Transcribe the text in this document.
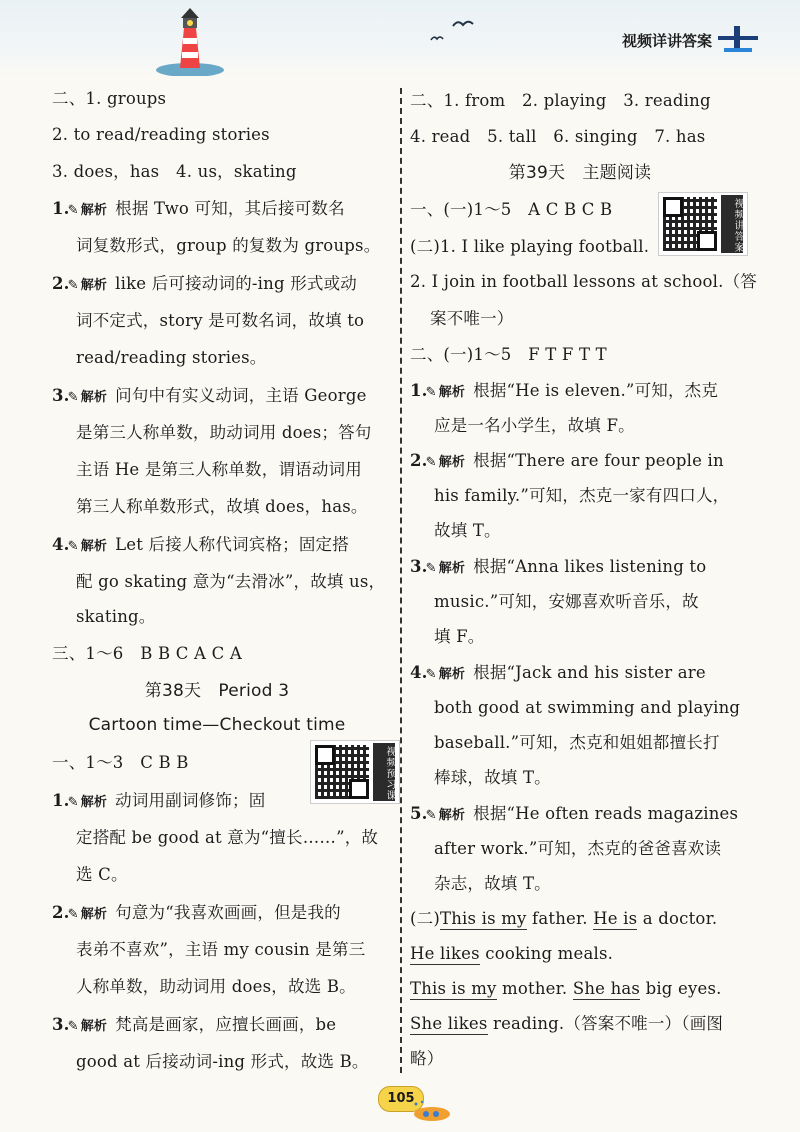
视频详讲答案
二、1. groups
2. to read/reading stories
3. does，has　4. us，skating
1.✎ 解析 根据 Two 可知，其后接可数名
词复数形式，group 的复数为 groups。
2.✎ 解析 like 后可接动词的-ing 形式或动
词不定式，story 是可数名词，故填 to
read/reading stories。
3.✎ 解析 问句中有实义动词，主语 George
是第三人称单数，助动词用 does；答句
主语 He 是第三人称单数，谓语动词用
第三人称单数形式，故填 does，has。
4.✎ 解析 Let 后接人称代词宾格；固定搭
配 go skating 意为“去滑冰”，故填 us，
skating。
三、1～6　B B C A C A
第38天　Period 3
Cartoon time—Checkout time
一、1～3　C B B	视频预习课
1.✎ 解析 动词用副词修饰；固
定搭配 be good at 意为“擅长……”，故
选 C。
2.✎ 解析 句意为“我喜欢画画，但是我的
表弟不喜欢”，主语 my cousin 是第三
人称单数，助动词用 does，故选 B。
3.✎ 解析 梵高是画家，应擅长画画，be
good at 后接动词-ing 形式，故选 B。
二、1. from　2. playing　3. reading
4. read　5. tall　6. singing　7. has
第39天　主题阅读
一、(一)1～5　A C B C B	视频讲答案
(二)1. I like playing football.
2. I join in football lessons at school.（答
案不唯一）
二、(一)1～5　F T F T T
1.✎ 解析 根据“He is eleven.”可知，杰克
应是一名小学生，故填 F。
2.✎ 解析 根据“There are four people in
his family.”可知，杰克一家有四口人，
故填 T。
3.✎ 解析 根据“Anna likes listening to
music.”可知，安娜喜欢听音乐，故
填 F。
4.✎ 解析 根据“Jack and his sister are
both good at swimming and playing
baseball.”可知，杰克和姐姐都擅长打
棒球，故填 T。
5.✎ 解析 根据“He often reads magazines
after work.”可知，杰克的爸爸喜欢读
杂志，故填 T。
(二)This is my father. He is a doctor.
He likes cooking meals.
This is my mother. She has big eyes.
She likes reading.（答案不唯一）（画图
略）
105
